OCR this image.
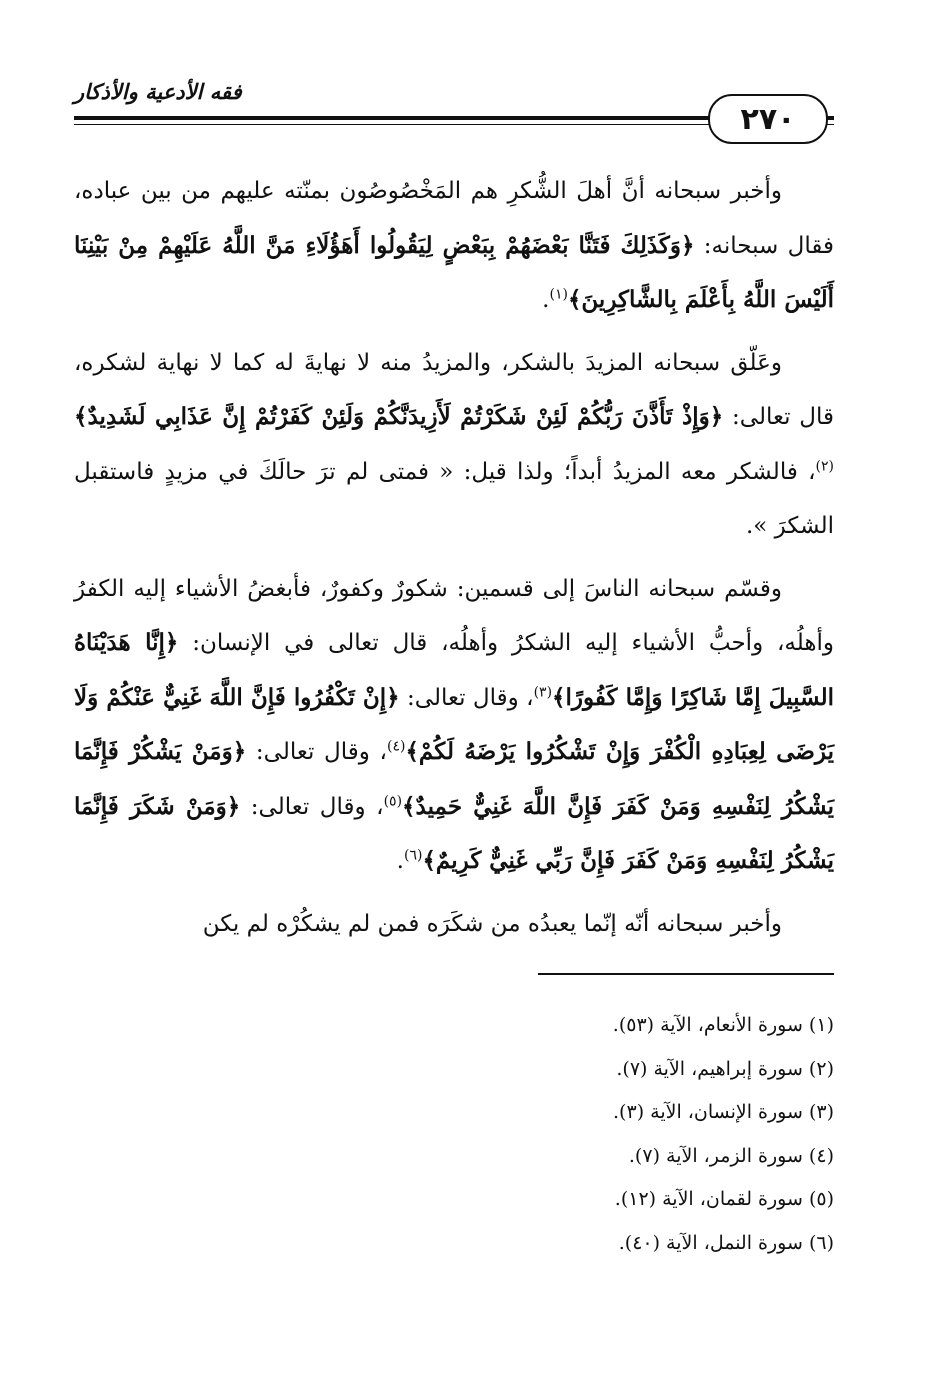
فقه الأدعية والأذكار
٢٧٠

وأخبر سبحانه أنَّ أهلَ الشُّكرِ هم المَخْصُوصُون بمنّته عليهم من بين عباده، فقال سبحانه: ﴿وَكَذَلِكَ فَتَنَّا بَعْضَهُمْ بِبَعْضٍ لِيَقُولُوا أَهَؤُلَاءِ مَنَّ اللَّهُ عَلَيْهِمْ مِنْ بَيْنِنَا أَلَيْسَ اللَّهُ بِأَعْلَمَ بِالشَّاكِرِينَ﴾$^{(١)}$.

وعَلّق سبحانه المزيدَ بالشكر، والمزيدُ منه لا نهايةَ له كما لا نهاية لشكره، قال تعالى: ﴿وَإِذْ تَأَذَّنَ رَبُّكُمْ لَئِنْ شَكَرْتُمْ لَأَزِيدَنَّكُمْ وَلَئِنْ كَفَرْتُمْ إِنَّ عَذَابِي لَشَدِيدٌ﴾$^{(٢)}$، فالشكر معه المزيدُ أبداً؛ ولذا قيل: « فمتى لم ترَ حالَكَ في مزيدٍ فاستقبل الشكرَ ».

وقسّم سبحانه الناسَ إلى قسمين: شكورٌ وكفورٌ، فأبغضُ الأشياء إليه الكفرُ وأهلُه، وأحبُّ الأشياء إليه الشكرُ وأهلُه، قال تعالى في الإنسان: ﴿إِنَّا هَدَيْنَاهُ السَّبِيلَ إِمَّا شَاكِرًا وَإِمَّا كَفُورًا﴾$^{(٣)}$، وقال تعالى: ﴿إِنْ تَكْفُرُوا فَإِنَّ اللَّهَ غَنِيٌّ عَنْكُمْ وَلَا يَرْضَى لِعِبَادِهِ الْكُفْرَ وَإِنْ تَشْكُرُوا يَرْضَهُ لَكُمْ﴾$^{(٤)}$، وقال تعالى: ﴿وَمَنْ يَشْكُرْ فَإِنَّمَا يَشْكُرُ لِنَفْسِهِ وَمَنْ كَفَرَ فَإِنَّ اللَّهَ غَنِيٌّ حَمِيدٌ﴾$^{(٥)}$، وقال تعالى: ﴿وَمَنْ شَكَرَ فَإِنَّمَا يَشْكُرُ لِنَفْسِهِ وَمَنْ كَفَرَ فَإِنَّ رَبِّي غَنِيٌّ كَرِيمٌ﴾$^{(٦)}$.

وأخبر سبحانه أنّه إنّما يعبدُه من شكَرَه فمن لم يشكُرْه لم يكن

(١) سورة الأنعام، الآية (٥٣).
(٢) سورة إبراهيم، الآية (٧).
(٣) سورة الإنسان، الآية (٣).
(٤) سورة الزمر، الآية (٧).
(٥) سورة لقمان، الآية (١٢).
(٦) سورة النمل، الآية (٤٠).
